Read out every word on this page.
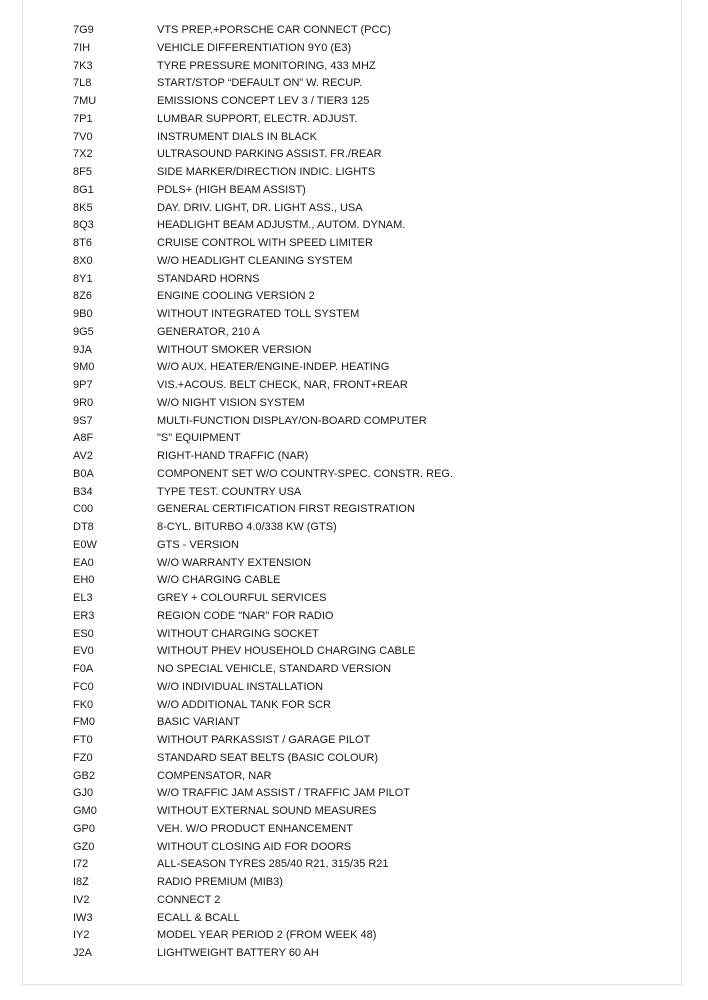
7G9	VTS PREP.+PORSCHE CAR CONNECT (PCC)
7IH	VEHICLE DIFFERENTIATION 9Y0 (E3)
7K3	TYRE PRESSURE MONITORING, 433 MHZ
7L8	START/STOP “DEFAULT ON” W. RECUP.
7MU	EMISSIONS CONCEPT LEV 3 / TIER3 125
7P1	LUMBAR SUPPORT, ELECTR. ADJUST.
7V0	INSTRUMENT DIALS IN BLACK
7X2	ULTRASOUND PARKING ASSIST. FR./REAR
8F5	SIDE MARKER/DIRECTION INDIC. LIGHTS
8G1	PDLS+ (HIGH BEAM ASSIST)
8K5	DAY. DRIV. LIGHT, DR. LIGHT ASS., USA
8Q3	HEADLIGHT BEAM ADJUSTM., AUTOM. DYNAM.
8T6	CRUISE CONTROL WITH SPEED LIMITER
8X0	W/O HEADLIGHT CLEANING SYSTEM
8Y1	STANDARD HORNS
8Z6	ENGINE COOLING VERSION 2
9B0	WITHOUT INTEGRATED TOLL SYSTEM
9G5	GENERATOR, 210 A
9JA	WITHOUT SMOKER VERSION
9M0	W/O AUX. HEATER/ENGINE-INDEP. HEATING
9P7	VIS.+ACOUS. BELT CHECK, NAR, FRONT+REAR
9R0	W/O NIGHT VISION SYSTEM
9S7	MULTI-FUNCTION DISPLAY/ON-BOARD COMPUTER
A8F	"S" EQUIPMENT
AV2	RIGHT-HAND TRAFFIC (NAR)
B0A	COMPONENT SET W/O COUNTRY-SPEC. CONSTR. REG.
B34	TYPE TEST. COUNTRY USA
C00	GENERAL CERTIFICATION FIRST REGISTRATION
DT8	8-CYL. BITURBO 4.0/338 KW (GTS)
E0W	GTS - VERSION
EA0	W/O WARRANTY EXTENSION
EH0	W/O CHARGING CABLE
EL3	GREY + COLOURFUL SERVICES
ER3	REGION CODE "NAR" FOR RADIO
ES0	WITHOUT CHARGING SOCKET
EV0	WITHOUT PHEV HOUSEHOLD CHARGING CABLE
F0A	NO SPECIAL VEHICLE, STANDARD VERSION
FC0	W/O INDIVIDUAL INSTALLATION
FK0	W/O ADDITIONAL TANK FOR SCR
FM0	BASIC VARIANT
FT0	WITHOUT PARKASSIST / GARAGE PILOT
FZ0	STANDARD SEAT BELTS (BASIC COLOUR)
GB2	COMPENSATOR, NAR
GJ0	W/O TRAFFIC JAM ASSIST / TRAFFIC JAM PILOT
GM0	WITHOUT EXTERNAL SOUND MEASURES
GP0	VEH. W/O PRODUCT ENHANCEMENT
GZ0	WITHOUT CLOSING AID FOR DOORS
I72	ALL-SEASON TYRES 285/40 R21, 315/35 R21
I8Z	RADIO PREMIUM (MIB3)
IV2	CONNECT 2
IW3	ECALL & BCALL
IY2	MODEL YEAR PERIOD 2 (FROM WEEK 48)
J2A	LIGHTWEIGHT BATTERY 60 AH
